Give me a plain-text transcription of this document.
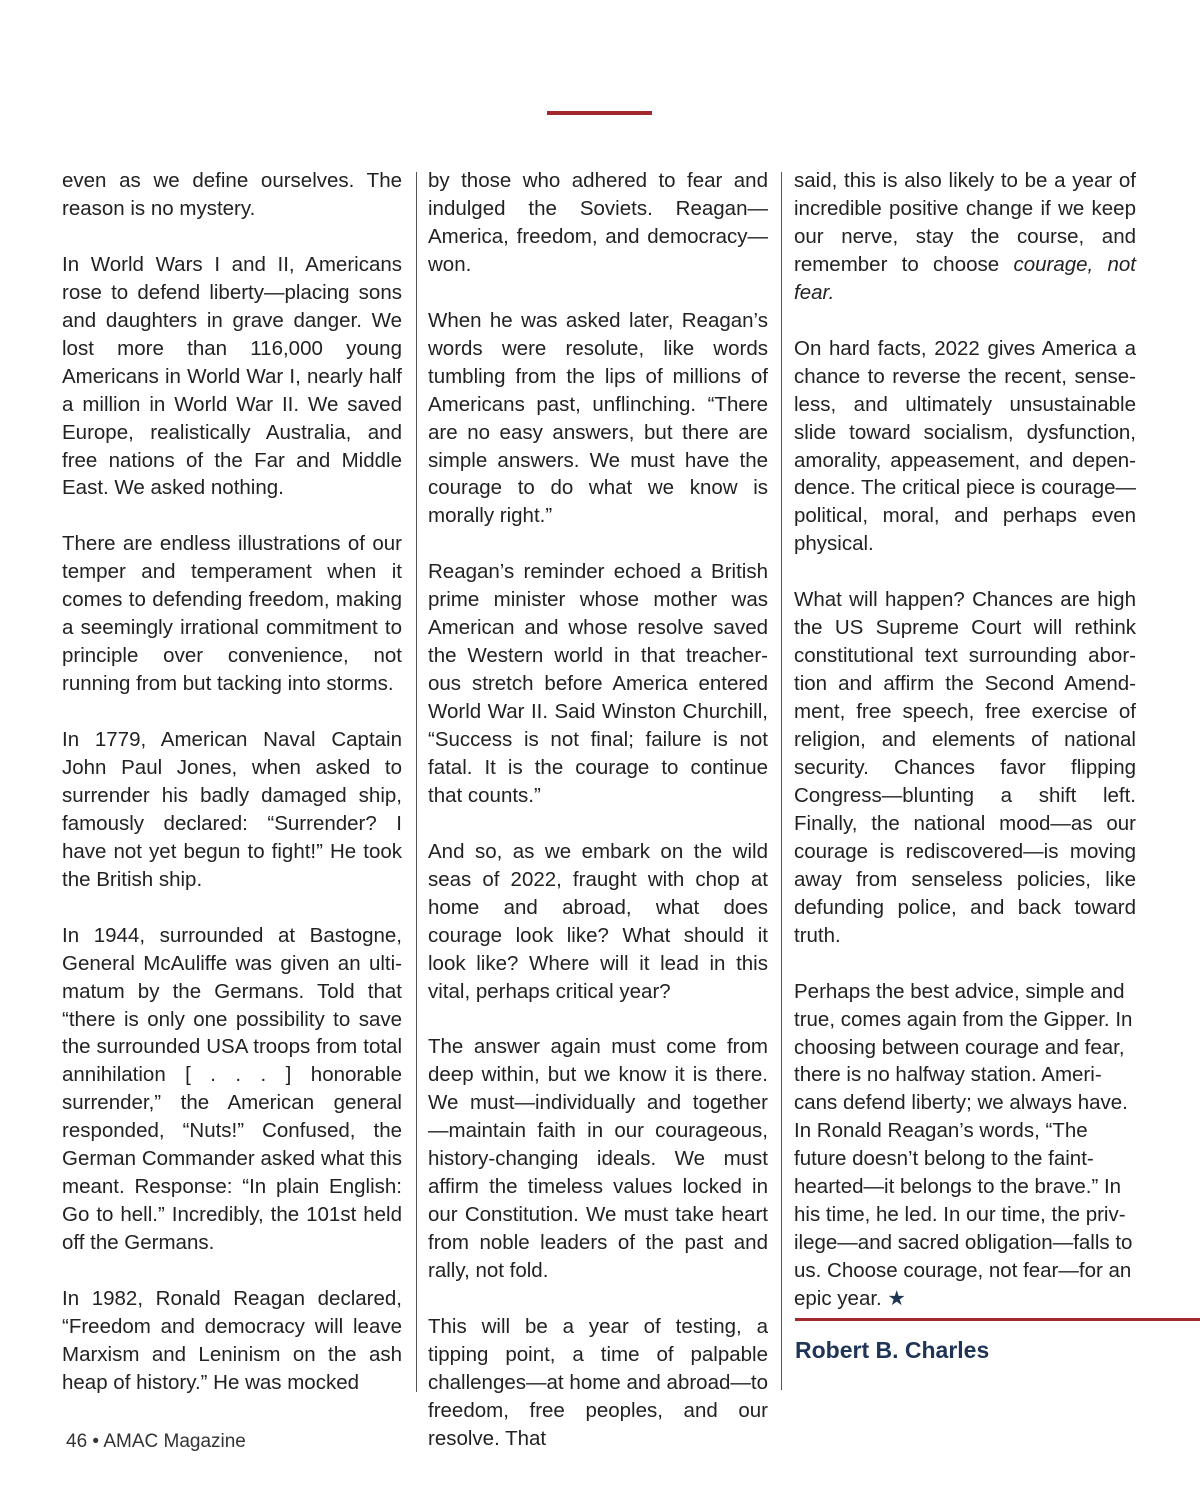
even as we define ourselves. The reason is no mystery.

In World Wars I and II, Americans rose to defend liberty—placing sons and daughters in grave danger. We lost more than 116,000 young Americans in World War I, nearly half a million in World War II. We saved Europe, realistically Australia, and free nations of the Far and Middle East. We asked nothing.

There are endless illustrations of our temper and temperament when it comes to defending freedom, making a seemingly irrational commitment to principle over convenience, not running from but tacking into storms.

In 1779, American Naval Captain John Paul Jones, when asked to surrender his badly damaged ship, famously declared: “Surrender? I have not yet begun to fight!” He took the British ship.

In 1944, surrounded at Bastogne, General McAuliffe was given an ultimatum by the Germans. Told that “there is only one possibility to save the surrounded USA troops from total annihilation [ . . . ] honorable surrender,” the American general responded, “Nuts!” Confused, the German Commander asked what this meant. Response: “In plain English: Go to hell.” Incredibly, the 101st held off the Germans.

In 1982, Ronald Reagan declared, “Freedom and democracy will leave Marxism and Leninism on the ash heap of history.” He was mocked

by those who adhered to fear and indulged the Soviets. Reagan—America, freedom, and democracy—won.

When he was asked later, Reagan’s words were resolute, like words tumbling from the lips of millions of Americans past, unflinching. “There are no easy answers, but there are simple answers. We must have the courage to do what we know is morally right.”

Reagan’s reminder echoed a British prime minister whose mother was American and whose resolve saved the Western world in that treacherous stretch before America entered World War II. Said Winston Churchill, “Success is not final; failure is not fatal. It is the courage to continue that counts.”

And so, as we embark on the wild seas of 2022, fraught with chop at home and abroad, what does courage look like? What should it look like? Where will it lead in this vital, perhaps critical year?

The answer again must come from deep within, but we know it is there. We must—individually and together—maintain faith in our courageous, history-changing ideals. We must affirm the timeless values locked in our Constitution. We must take heart from noble leaders of the past and rally, not fold.

This will be a year of testing, a tipping point, a time of palpable challenges—at home and abroad—to freedom, free peoples, and our resolve. That

said, this is also likely to be a year of incredible positive change if we keep our nerve, stay the course, and remember to choose courage, not fear.

On hard facts, 2022 gives America a chance to reverse the recent, senseless, and ultimately unsustainable slide toward socialism, dysfunction, amorality, appeasement, and dependence. The critical piece is courage—political, moral, and perhaps even physical.

What will happen? Chances are high the US Supreme Court will rethink constitutional text surrounding abortion and affirm the Second Amendment, free speech, free exercise of religion, and elements of national security. Chances favor flipping Congress—blunting a shift left. Finally, the national mood—as our courage is rediscovered—is moving away from senseless policies, like defunding police, and back toward truth.

Perhaps the best advice, simple and true, comes again from the Gipper. In choosing between courage and fear, there is no halfway station. Americans defend liberty; we always have. In Ronald Reagan’s words, “The future doesn’t belong to the fainthearted—it belongs to the brave.” In his time, he led. In our time, the privilege—and sacred obligation—falls to us. Choose courage, not fear—for an epic year. ★

Robert B. Charles
46 • AMAC Magazine
